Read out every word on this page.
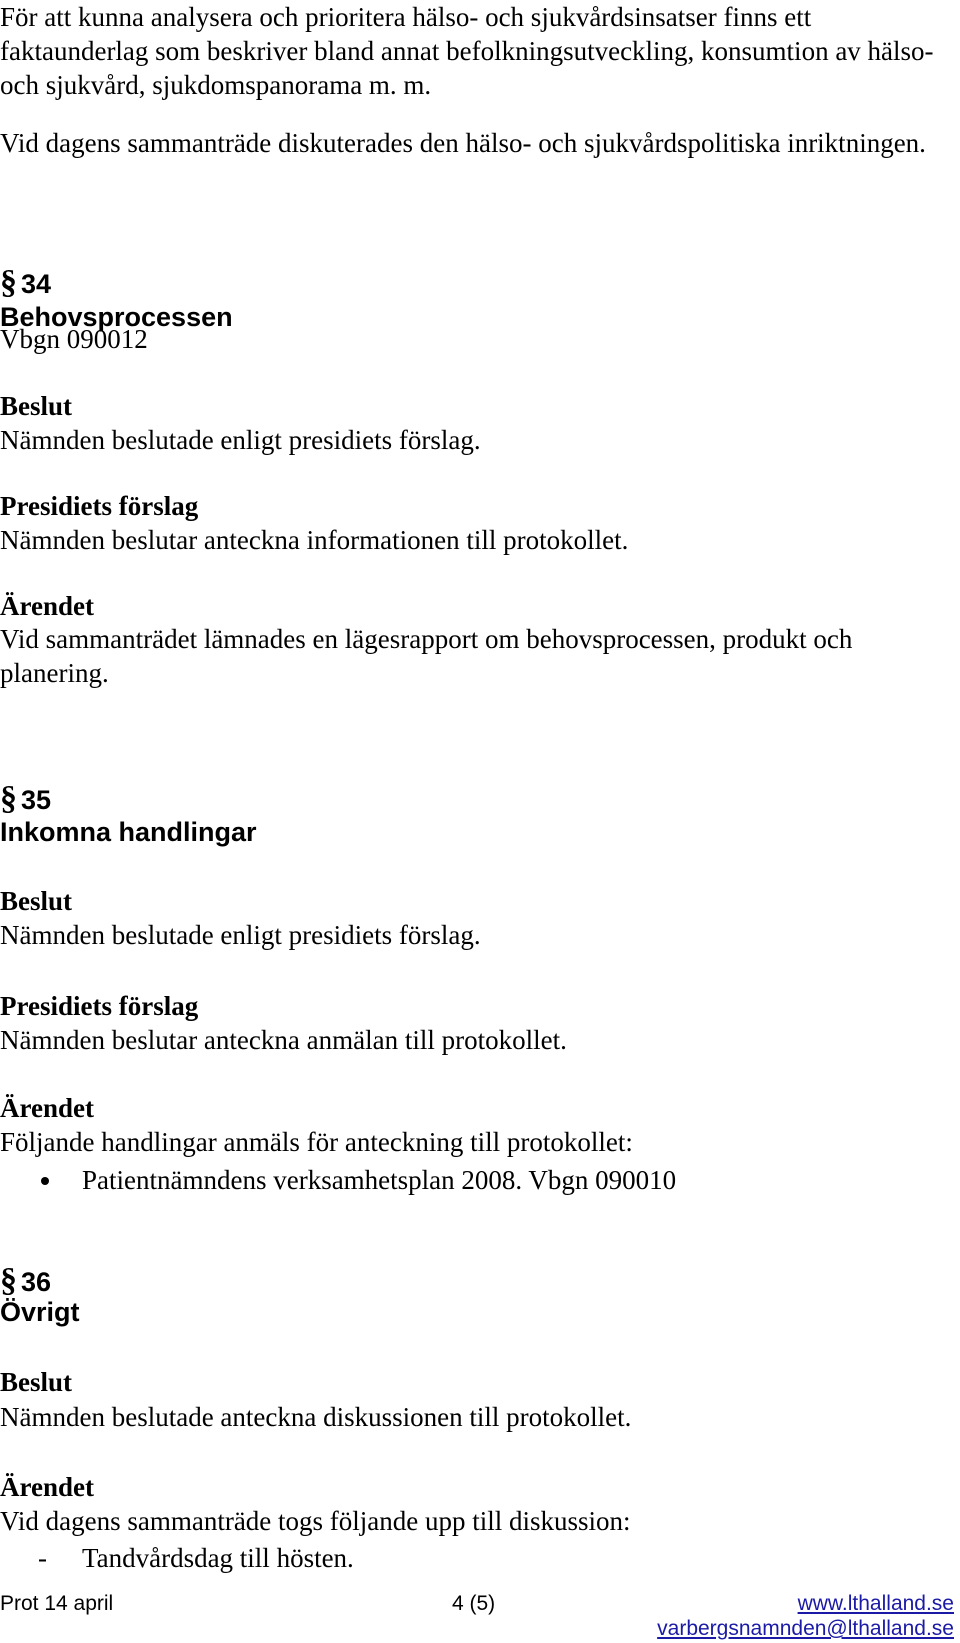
För att kunna analysera och prioritera hälso- och sjukvårdsinsatser finns ett faktaunderlag som beskriver bland annat befolkningsutveckling, konsumtion av hälso- och sjukvård, sjukdomspanorama m. m.

Vid dagens sammanträde diskuterades den hälso- och sjukvårdspolitiska inriktningen.

§ 34
Behovsprocessen
Vbgn 090012
Beslut
Nämnden beslutade enligt presidiets förslag.
Presidiets förslag
Nämnden beslutar anteckna informationen till protokollet.
Ärendet

Vid sammanträdet lämnades en lägesrapport om behovsprocessen, produkt och planering.

§ 35
Inkomna handlingar
Beslut
Nämnden beslutade enligt presidiets förslag.
Presidiets förslag
Nämnden beslutar anteckna anmälan till protokollet.
Ärendet
Följande handlingar anmäls för anteckning till protokollet:
Patientnämndens verksamhetsplan 2008. Vbgn 090010
§ 36
Övrigt
Beslut
Nämnden beslutade anteckna diskussionen till protokollet.
Ärendet
Vid dagens sammanträde togs följande upp till diskussion:
- Tandvårdsdag till hösten.
Prot 14 april	4 (5)	www.lthalland.se
varbergsnamnden@lthalland.se
